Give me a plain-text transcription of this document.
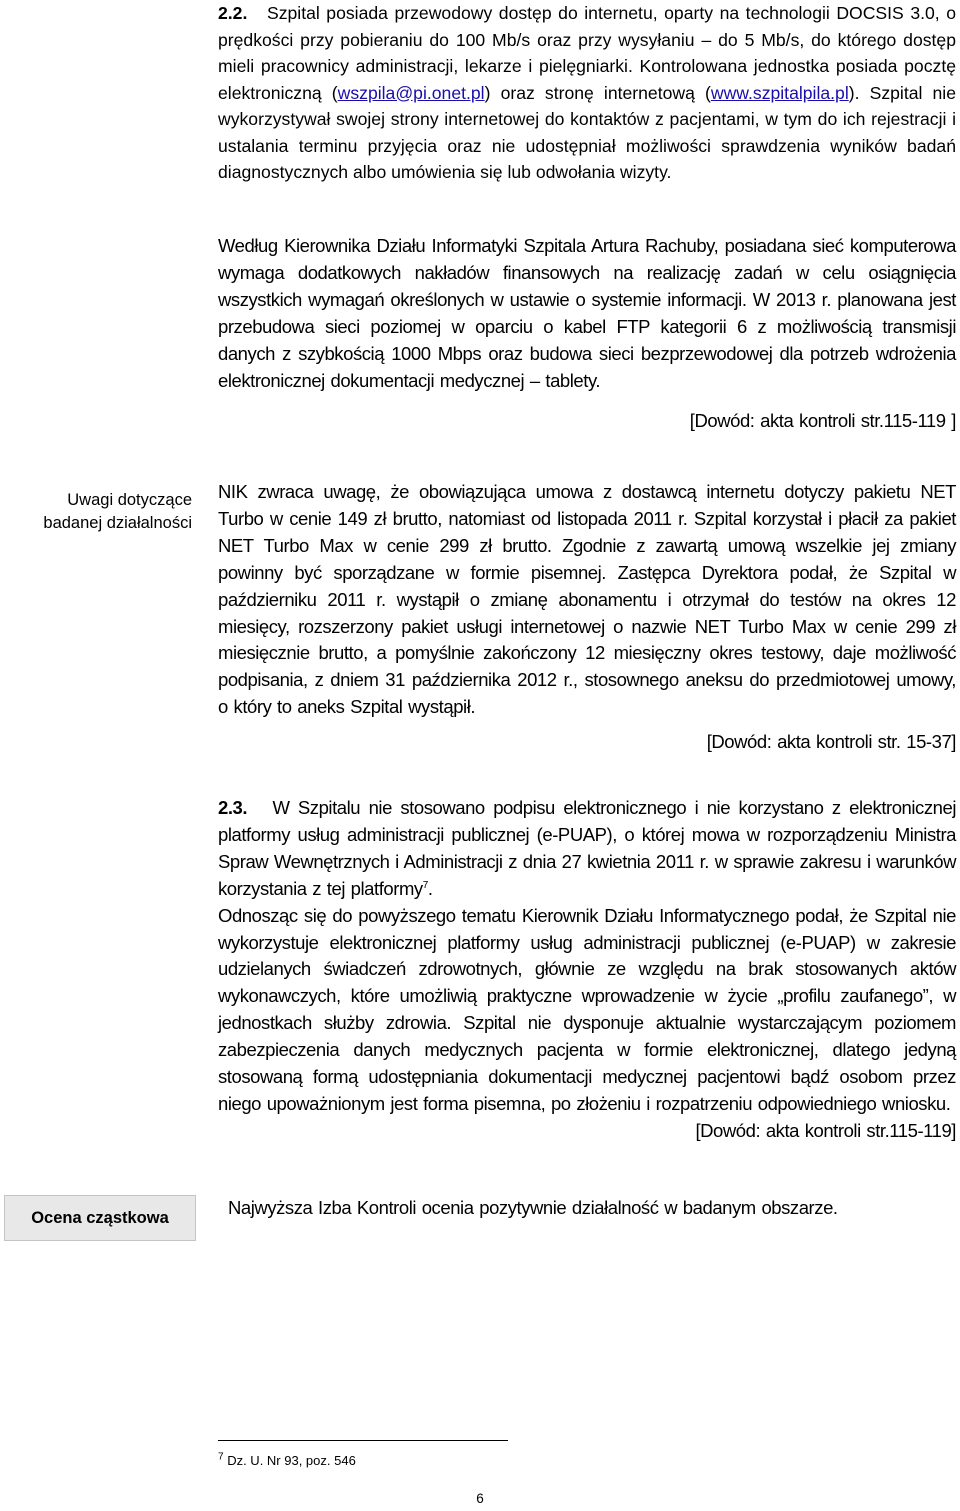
2.2. Szpital posiada przewodowy dostęp do internetu, oparty na technologii DOCSIS 3.0, o prędkości przy pobieraniu do 100 Mb/s oraz przy wysyłaniu – do 5 Mb/s, do którego dostęp mieli pracownicy administracji, lekarze i pielęgniarki. Kontrolowana jednostka posiada pocztę elektroniczną (wszpila@pi.onet.pl) oraz stronę internetową (www.szpitalpila.pl). Szpital nie wykorzystywał swojej strony internetowej do kontaktów z pacjentami, w tym do ich rejestracji i ustalania terminu przyjęcia oraz nie udostępniał możliwości sprawdzenia wyników badań diagnostycznych albo umówienia się lub odwołania wizyty.

Według Kierownika Działu Informatyki Szpitala Artura Rachuby, posiadana sieć komputerowa wymaga dodatkowych nakładów finansowych na realizację zadań w celu osiągnięcia wszystkich wymagań określonych w ustawie o systemie informacji. W 2013 r. planowana jest przebudowa sieci poziomej w oparciu o kabel FTP kategorii 6 z możliwością transmisji danych z szybkością 1000 Mbps oraz budowa sieci bezprzewodowej dla potrzeb wdrożenia elektronicznej dokumentacji medycznej – tablety.

[Dowód: akta kontroli str.115-119 ]

Uwagi dotyczące badanej działalności

NIK zwraca uwagę, że obowiązująca umowa z dostawcą internetu dotyczy pakietu NET Turbo w cenie 149 zł brutto, natomiast od listopada 2011 r. Szpital korzystał i płacił za pakiet NET Turbo Max w cenie 299 zł brutto. Zgodnie z zawartą umową wszelkie jej zmiany powinny być sporządzane w formie pisemnej. Zastępca Dyrektora podał, że Szpital w październiku 2011 r. wystąpił o zmianę abonamentu i otrzymał do testów na okres 12 miesięcy, rozszerzony pakiet usługi internetowej o nazwie NET Turbo Max w cenie 299 zł miesięcznie brutto, a pomyślnie zakończony 12 miesięczny okres testowy, daje możliwość podpisania, z dniem 31 października 2012 r., stosownego aneksu do przedmiotowej umowy, o który to aneks Szpital wystąpił.

[Dowód: akta kontroli str. 15-37]

2.3. W Szpitalu nie stosowano podpisu elektronicznego i nie korzystano z elektronicznej platformy usług administracji publicznej (e-PUAP), o której mowa w rozporządzeniu Ministra Spraw Wewnętrznych i Administracji z dnia 27 kwietnia 2011 r. w sprawie zakresu i warunków korzystania z tej platformy$^7$.

Odnosząc się do powyższego tematu Kierownik Działu Informatycznego podał, że Szpital nie wykorzystuje elektronicznej platformy usług administracji publicznej (e-PUAP) w zakresie udzielanych świadczeń zdrowotnych, głównie ze względu na brak stosowanych aktów wykonawczych, które umożliwią praktyczne wprowadzenie w życie „profilu zaufanego”, w jednostkach służby zdrowia. Szpital nie dysponuje aktualnie wystarczającym poziomem zabezpieczenia danych medycznych pacjenta w formie elektronicznej, dlatego jedyną stosowaną formą udostępniania dokumentacji medycznej pacjentowi bądź osobom przez niego upoważnionym jest forma pisemna, po złożeniu i rozpatrzeniu odpowiedniego wniosku.

[Dowód: akta kontroli str.115-119]

Ocena cząstkowa	Najwyższa Izba Kontroli ocenia pozytywnie działalność w badanym obszarze.
$^7$ Dz. U. Nr 93, poz. 546
6
